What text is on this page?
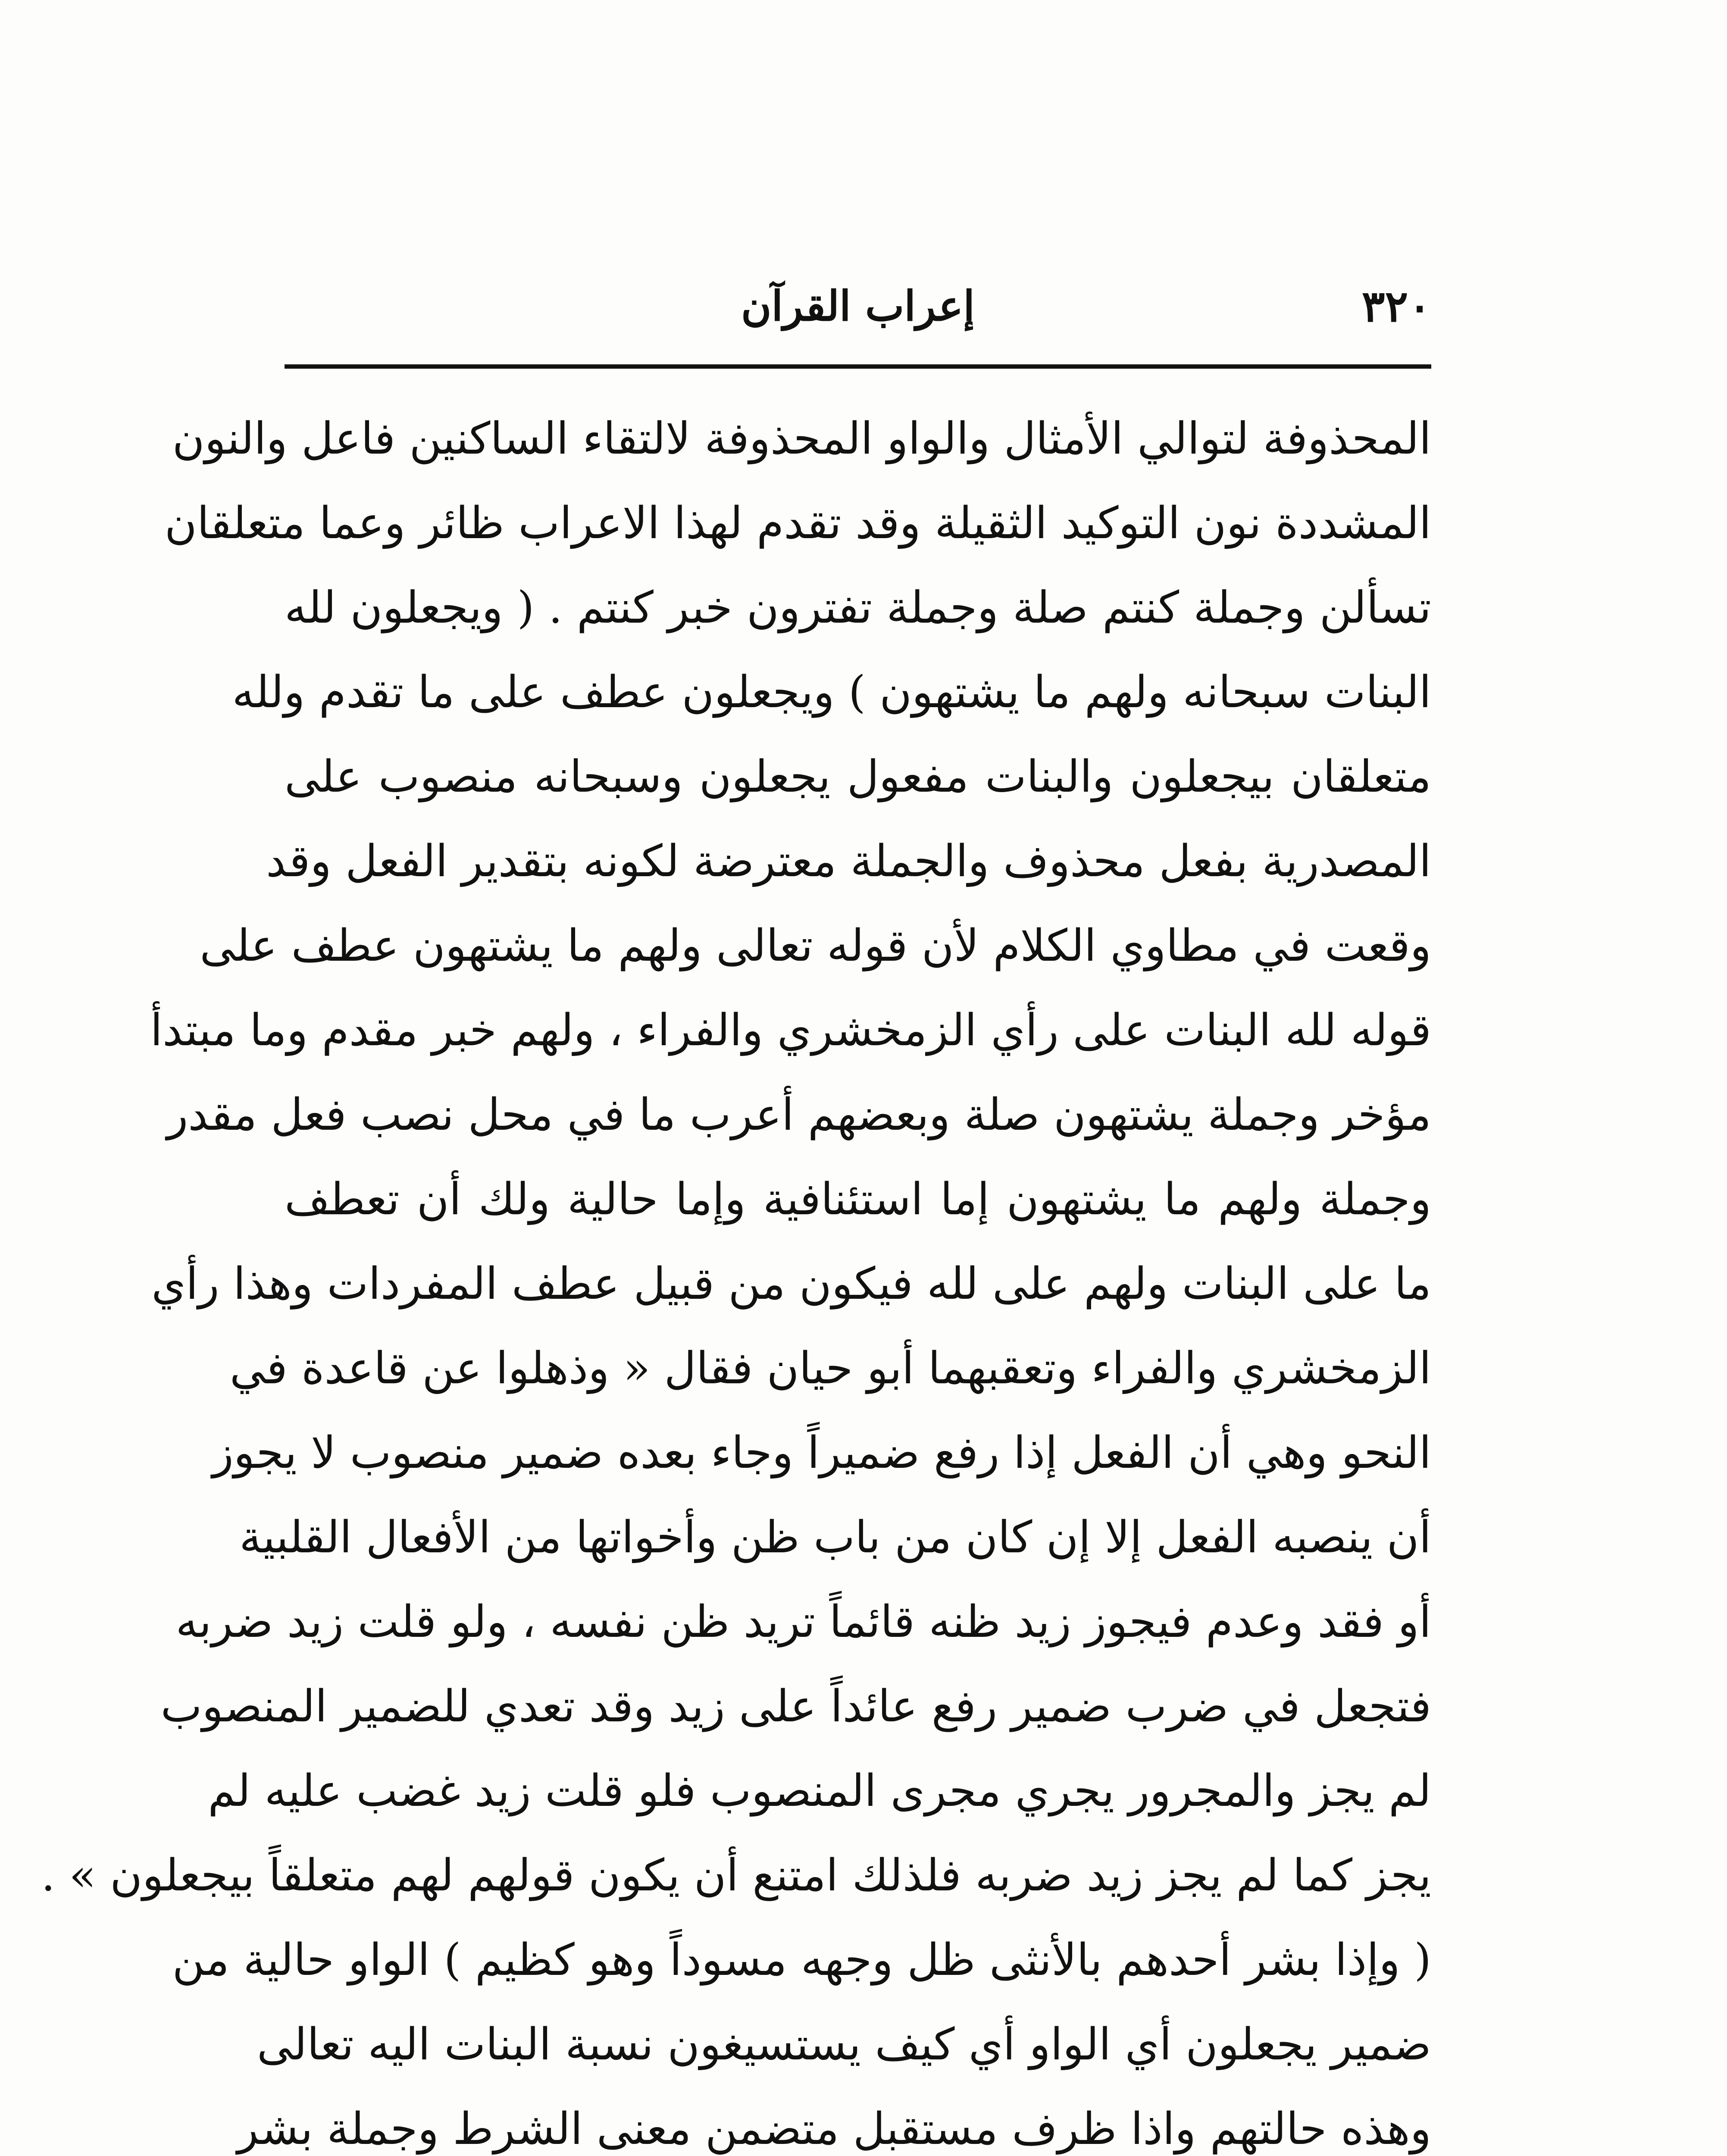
٣٢٠
إعراب القرآن
المحذوفة لتوالي الأمثال والواو المحذوفة لالتقاء الساكنين فاعل والنون
المشددة نون التوكيد الثقيلة وقد تقدم لهذا الاعراب ظائر وعما متعلقان
تسألن وجملة كنتم صلة وجملة تفترون خبر كنتم . ( ويجعلون لله
البنات سبحانه ولهم ما يشتهون ) ويجعلون عطف على ما تقدم ولله
متعلقان بيجعلون والبنات مفعول يجعلون وسبحانه منصوب على
المصدرية بفعل محذوف والجملة معترضة لكونه بتقدير الفعل وقد
وقعت في مطاوي الكلام لأن قوله تعالى ولهم ما يشتهون عطف على
قوله لله البنات على رأي الزمخشري والفراء ، ولهم خبر مقدم وما مبتدأ
مؤخر وجملة يشتهون صلة وبعضهم أعرب ما في محل نصب فعل مقدر
وجملة ولهم ما يشتهون إما استئنافية وإما حالية ولك أن تعطف
ما على البنات ولهم على لله فيكون من قبيل عطف المفردات وهذا رأي
الزمخشري والفراء وتعقبهما أبو حيان فقال « وذهلوا عن قاعدة في
النحو وهي أن الفعل إذا رفع ضميراً وجاء بعده ضمير منصوب لا يجوز
أن ينصبه الفعل إلا إن كان من باب ظن وأخواتها من الأفعال القلبية
أو فقد وعدم فيجوز زيد ظنه قائماً تريد ظن نفسه ، ولو قلت زيد ضربه
فتجعل في ضرب ضمير رفع عائداً على زيد وقد تعدي للضمير المنصوب
لم يجز والمجرور يجري مجرى المنصوب فلو قلت زيد غضب عليه لم
يجز كما لم يجز زيد ضربه فلذلك امتنع أن يكون قولهم لهم متعلقاً بيجعلون » .
( وإذا بشر أحدهم بالأنثى ظل وجهه مسوداً وهو كظيم ) الواو حالية من
ضمير يجعلون أي الواو أي كيف يستسيغون نسبة البنات اليه تعالى
وهذه حالتهم واذا ظرف مستقبل متضمن معنى الشرط وجملة بشر
